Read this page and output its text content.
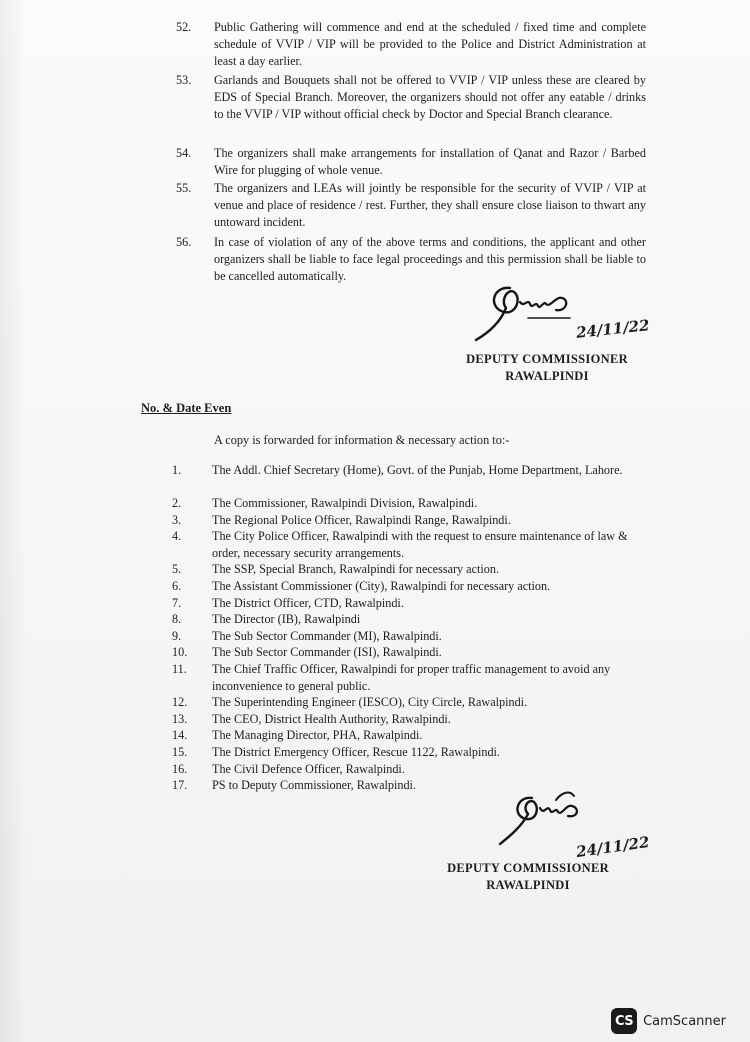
52.	Public Gathering will commence and end at the scheduled / fixed time and complete schedule of VVIP / VIP will be provided to the Police and District Administration at least a day earlier.
53.	Garlands and Bouquets shall not be offered to VVIP / VIP unless these are cleared by EDS of Special Branch. Moreover, the organizers should not offer any eatable / drinks to the VVIP / VIP without official check by Doctor and Special Branch clearance.
54.	The organizers shall make arrangements for installation of Qanat and Razor / Barbed Wire for plugging of whole venue.
55.	The organizers and LEAs will jointly be responsible for the security of VVIP / VIP at venue and place of residence / rest. Further, they shall ensure close liaison to thwart any untoward incident.
56.	In case of violation of any of the above terms and conditions, the applicant and other organizers shall be liable to face legal proceedings and this permission shall be liable to be cancelled automatically.
24/11/22
DEPUTY COMMISSIONER
RAWALPINDI
No. & Date Even
A copy is forwarded for information & necessary action to:-
1.	The Addl. Chief Secretary (Home), Govt. of the Punjab, Home Department, Lahore.
2.	The Commissioner, Rawalpindi Division, Rawalpindi.
3.	The Regional Police Officer, Rawalpindi Range, Rawalpindi.
4.	The City Police Officer, Rawalpindi with the request to ensure maintenance of law & order, necessary security arrangements.
5.	The SSP, Special Branch, Rawalpindi for necessary action.
6.	The Assistant Commissioner (City), Rawalpindi for necessary action.
7.	The District Officer, CTD, Rawalpindi.
8.	The Director (IB), Rawalpindi
9.	The Sub Sector Commander (MI), Rawalpindi.
10.	The Sub Sector Commander (ISI), Rawalpindi.
11.	The Chief Traffic Officer, Rawalpindi for proper traffic management to avoid any inconvenience to general public.
12.	The Superintending Engineer (IESCO), City Circle, Rawalpindi.
13.	The CEO, District Health Authority, Rawalpindi.
14.	The Managing Director, PHA, Rawalpindi.
15.	The District Emergency Officer, Rescue 1122, Rawalpindi.
16.	The Civil Defence Officer, Rawalpindi.
17.	PS to Deputy Commissioner, Rawalpindi.
24/11/22
DEPUTY COMMISSIONER
RAWALPINDI
CS CamScanner
